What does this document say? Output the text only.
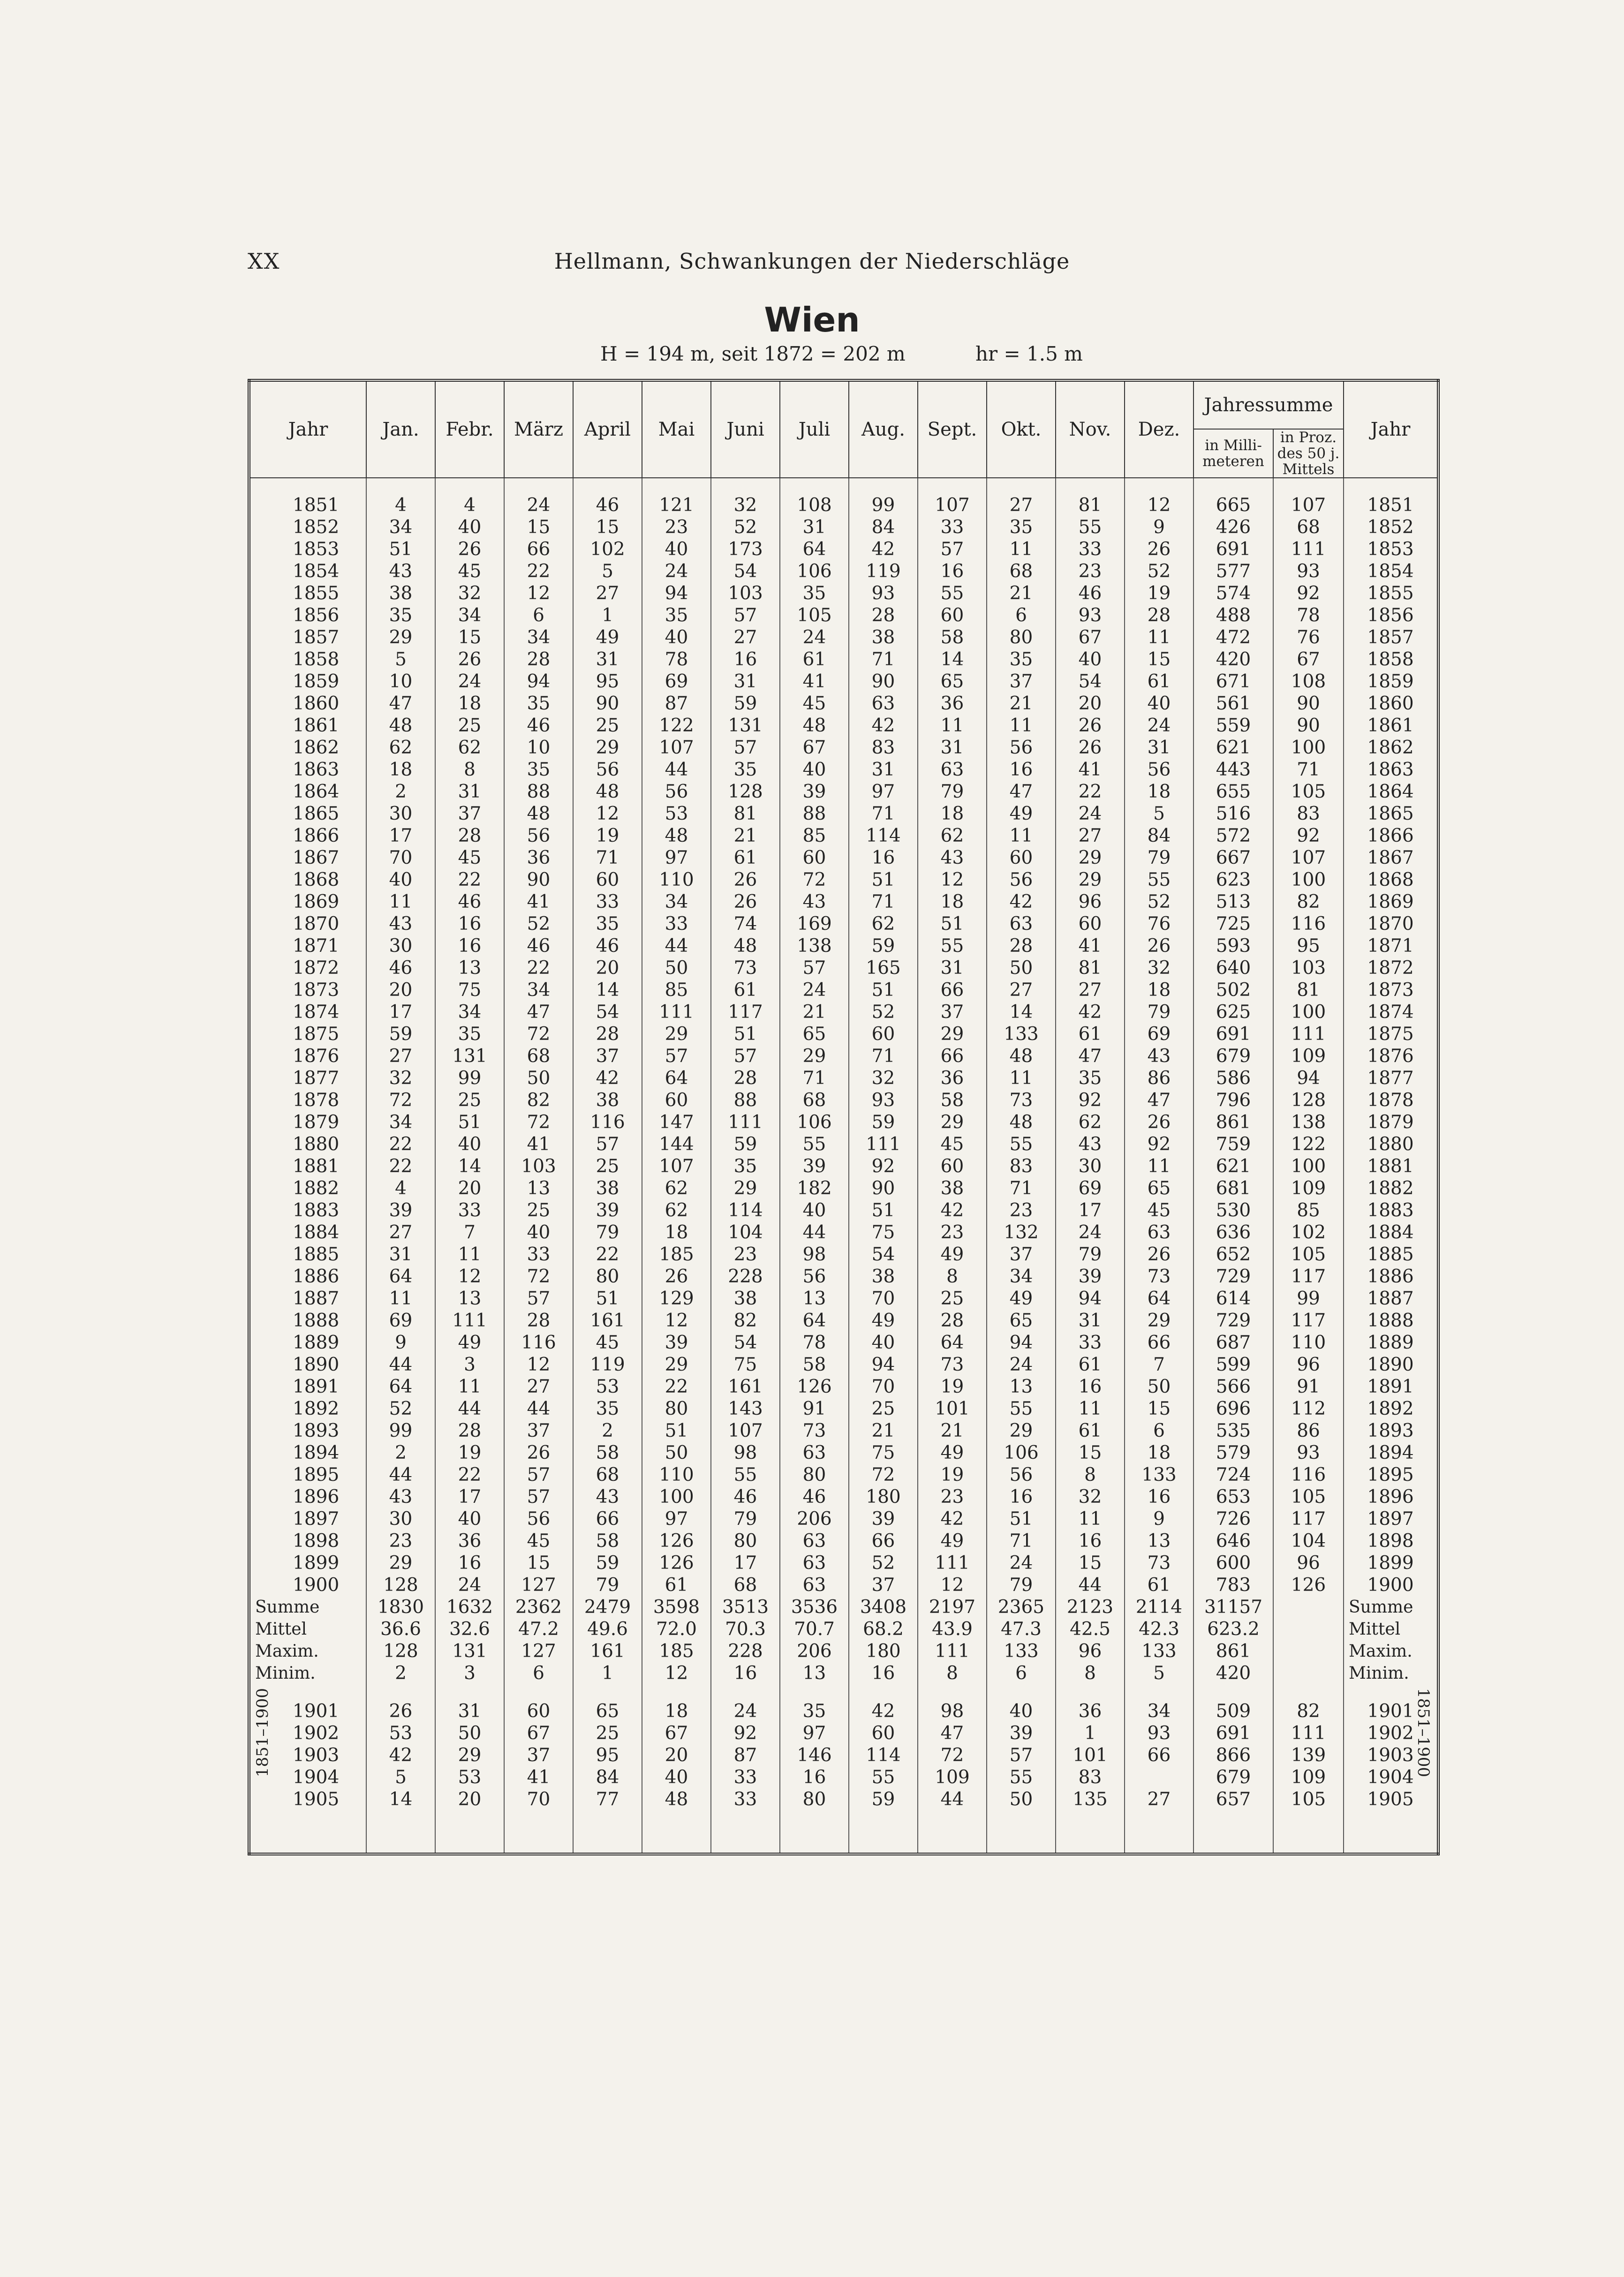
XX	Hellmann, Schwankungen der Niederschläge
Wien
H = 194 m, seit 1872 = 202 m	hr = 1.5 m
Jahr	Jan.	Febr.	März	April	Mai	Juni	Juli	Aug.	Sept.	Okt.	Nov.	Dez.	Jahressumme		Jahr
													in Milli-meteren	in Proz. des 50 j. Mittels	

1851	4	4	24	46	121	32	108	99	107	27	81	12	665	107	1851
1852	34	40	15	15	23	52	31	84	33	35	55	9	426	68	1852
1853	51	26	66	102	40	173	64	42	57	11	33	26	691	111	1853
1854	43	45	22	5	24	54	106	119	16	68	23	52	577	93	1854
1855	38	32	12	27	94	103	35	93	55	21	46	19	574	92	1855
1856	35	34	6	1	35	57	105	28	60	6	93	28	488	78	1856
1857	29	15	34	49	40	27	24	38	58	80	67	11	472	76	1857
1858	5	26	28	31	78	16	61	71	14	35	40	15	420	67	1858
1859	10	24	94	95	69	31	41	90	65	37	54	61	671	108	1859
1860	47	18	35	90	87	59	45	63	36	21	20	40	561	90	1860
1861	48	25	46	25	122	131	48	42	11	11	26	24	559	90	1861
1862	62	62	10	29	107	57	67	83	31	56	26	31	621	100	1862
1863	18	8	35	56	44	35	40	31	63	16	41	56	443	71	1863
1864	2	31	88	48	56	128	39	97	79	47	22	18	655	105	1864
1865	30	37	48	12	53	81	88	71	18	49	24	5	516	83	1865
1866	17	28	56	19	48	21	85	114	62	11	27	84	572	92	1866
1867	70	45	36	71	97	61	60	16	43	60	29	79	667	107	1867
1868	40	22	90	60	110	26	72	51	12	56	29	55	623	100	1868
1869	11	46	41	33	34	26	43	71	18	42	96	52	513	82	1869
1870	43	16	52	35	33	74	169	62	51	63	60	76	725	116	1870
1871	30	16	46	46	44	48	138	59	55	28	41	26	593	95	1871
1872	46	13	22	20	50	73	57	165	31	50	81	32	640	103	1872
1873	20	75	34	14	85	61	24	51	66	27	27	18	502	81	1873
1874	17	34	47	54	111	117	21	52	37	14	42	79	625	100	1874
1875	59	35	72	28	29	51	65	60	29	133	61	69	691	111	1875
1876	27	131	68	37	57	57	29	71	66	48	47	43	679	109	1876
1877	32	99	50	42	64	28	71	32	36	11	35	86	586	94	1877
1878	72	25	82	38	60	88	68	93	58	73	92	47	796	128	1878
1879	34	51	72	116	147	111	106	59	29	48	62	26	861	138	1879
1880	22	40	41	57	144	59	55	111	45	55	43	92	759	122	1880
1881	22	14	103	25	107	35	39	92	60	83	30	11	621	100	1881
1882	4	20	13	38	62	29	182	90	38	71	69	65	681	109	1882
1883	39	33	25	39	62	114	40	51	42	23	17	45	530	85	1883
1884	27	7	40	79	18	104	44	75	23	132	24	63	636	102	1884
1885	31	11	33	22	185	23	98	54	49	37	79	26	652	105	1885
1886	64	12	72	80	26	228	56	38	8	34	39	73	729	117	1886
1887	11	13	57	51	129	38	13	70	25	49	94	64	614	99	1887
1888	69	111	28	161	12	82	64	49	28	65	31	29	729	117	1888
1889	9	49	116	45	39	54	78	40	64	94	33	66	687	110	1889
1890	44	3	12	119	29	75	58	94	73	24	61	7	599	96	1890
1891	64	11	27	53	22	161	126	70	19	13	16	50	566	91	1891
1892	52	44	44	35	80	143	91	25	101	55	11	15	696	112	1892
1893	99	28	37	2	51	107	73	21	21	29	61	6	535	86	1893
1894	2	19	26	58	50	98	63	75	49	106	15	18	579	93	1894
1895	44	22	57	68	110	55	80	72	19	56	8	133	724	116	1895
1896	43	17	57	43	100	46	46	180	23	16	32	16	653	105	1896
1897	30	40	56	66	97	79	206	39	42	51	11	9	726	117	1897
1898	23	36	45	58	126	80	63	66	49	71	16	13	646	104	1898
1899	29	16	15	59	126	17	63	52	111	24	15	73	600	96	1899
1900	128	24	127	79	61	68	63	37	12	79	44	61	783	126	1900
Summe	1830	1632	2362	2479	3598	3513	3536	3408	2197	2365	2123	2114	31157		Summe
Mittel	36.6	32.6	47.2	49.6	72.0	70.3	70.7	68.2	43.9	47.3	42.5	42.3	623.2		Mittel
Maxim.	128	131	127	161	185	228	206	180	111	133	96	133	861		Maxim.
Minim.	2	3	6	1	12	16	13	16	8	6	8	5	420		Minim.

1901	26	31	60	65	18	24	35	42	98	40	36	34	509	82	1901
1902	53	50	67	25	67	92	97	60	47	39	1	93	691	111	1902
1903	42	29	37	95	20	87	146	114	72	57	101	66	866	139	1903
1904	5	53	41	84	40	33	16	55	109	55	83		679	109	1904
1905	14	20	70	77	48	33	80	59	44	50	135	27	657	105	1905

1851–1900	1851–1900
